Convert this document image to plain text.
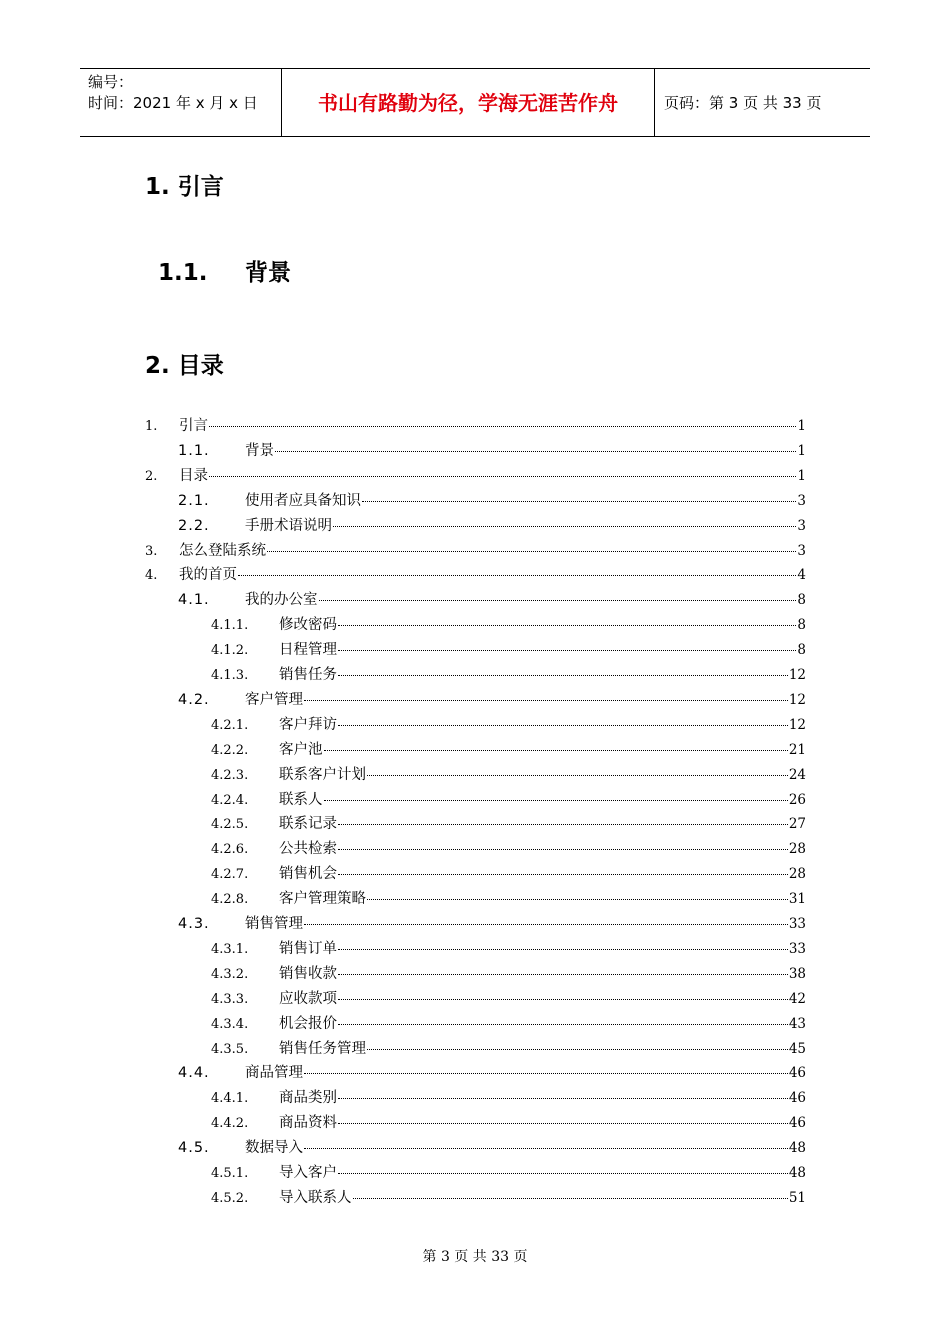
编号：
时间：2021 年 x 月 x 日	书山有路勤为径，学海无涯苦作舟	页码：第 3 页 共 33 页
1. 引言
1.1. 背景
2. 目录
1.	引言	1
1.1.	背景	1
2.	目录	1
2.1.	使用者应具备知识	3
2.2.	手册术语说明	3
3.	怎么登陆系统	3
4.	我的首页	4
4.1.	我的办公室	8
4.1.1.	修改密码	8
4.1.2.	日程管理	8
4.1.3.	销售任务	12
4.2.	客户管理	12
4.2.1.	客户拜访	12
4.2.2.	客户池	21
4.2.3.	联系客户计划	24
4.2.4.	联系人	26
4.2.5.	联系记录	27
4.2.6.	公共检索	28
4.2.7.	销售机会	28
4.2.8.	客户管理策略	31
4.3.	销售管理	33
4.3.1.	销售订单	33
4.3.2.	销售收款	38
4.3.3.	应收款项	42
4.3.4.	机会报价	43
4.3.5.	销售任务管理	45
4.4.	商品管理	46
4.4.1.	商品类别	46
4.4.2.	商品资料	46
4.5.	数据导入	48
4.5.1.	导入客户	48
4.5.2.	导入联系人	51
第 3 页 共 33 页
